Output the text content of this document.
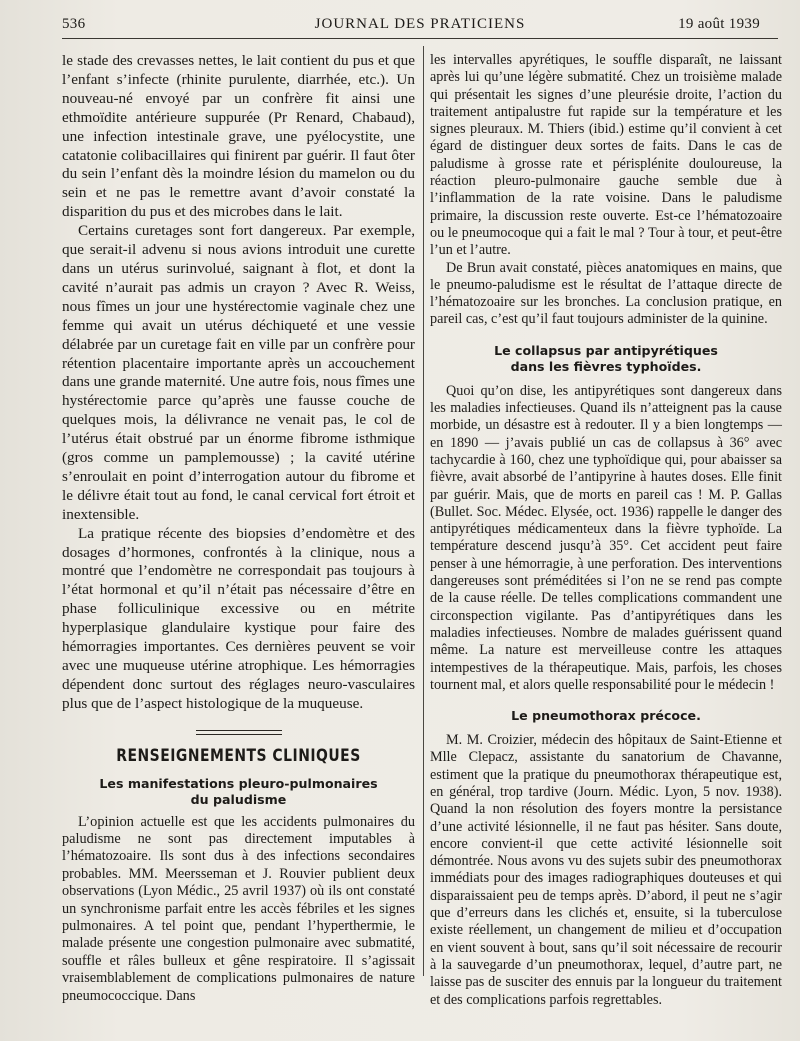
536	JOURNAL DES PRATICIENS	19 août 1939

le stade des crevasses nettes, le lait contient du pus et que l’enfant s’infecte (rhinite purulente, diarrhée, etc.). Un nouveau-né envoyé par un confrère fit ainsi une ethmoïdite antérieure suppurée (Pr Renard, Chabaud), une infection intestinale grave, une pyélocystite, une catatonie colibacillaires qui finirent par guérir. Il faut ôter du sein l’enfant dès la moindre lésion du mamelon ou du sein et ne pas le remettre avant d’avoir constaté la disparition du pus et des microbes dans le lait.

Certains curetages sont fort dangereux. Par exemple, que serait-il advenu si nous avions introduit une curette dans un utérus surinvolué, saignant à flot, et dont la cavité n’aurait pas admis un crayon ? Avec R. Weiss, nous fîmes un jour une hystérectomie vaginale chez une femme qui avait un utérus déchiqueté et une vessie délabrée par un curetage fait en ville par un confrère pour rétention placentaire importante après un accouchement dans une grande maternité. Une autre fois, nous fîmes une hystérectomie parce qu’après une fausse couche de quelques mois, la délivrance ne venait pas, le col de l’utérus était obstrué par un énorme fibrome isthmique (gros comme un pamplemousse) ; la cavité utérine s’enroulait en point d’interrogation autour du fibrome et le délivre était tout au fond, le canal cervical fort étroit et inextensible.

La pratique récente des biopsies d’endomètre et des dosages d’hormones, confrontés à la clinique, nous a montré que l’endomètre ne correspondait pas toujours à l’état hormonal et qu’il n’était pas nécessaire d’être en phase folliculinique excessive ou en métrite hyperplasique glandulaire kystique pour faire des hémorragies importantes. Ces dernières peuvent se voir avec une muqueuse utérine atrophique. Les hémorragies dépendent donc surtout des réglages neuro-vasculaires plus que de l’aspect histologique de la muqueuse.

RENSEIGNEMENTS CLINIQUES
Les manifestations pleuro-pulmonaires
du paludisme

L’opinion actuelle est que les accidents pulmonaires du paludisme ne sont pas directement imputables à l’hématozoaire. Ils sont dus à des infections secondaires probables. MM. Meersseman et J. Rouvier publient deux observations (Lyon Médic., 25 avril 1937) où ils ont constaté un synchronisme parfait entre les accès fébriles et les signes pulmonaires. A tel point que, pendant l’hyperthermie, le malade présente une congestion pulmonaire avec submatité, souffle et râles bulleux et gêne respiratoire. Il s’agissait vraisemblablement de complications pulmonaires de nature pneumococcique. Dans

les intervalles apyrétiques, le souffle disparaît, ne laissant après lui qu’une légère submatité. Chez un troisième malade qui présentait les signes d’une pleurésie droite, l’action du traitement antipalustre fut rapide sur la température et les signes pleuraux. M. Thiers (ibid.) estime qu’il convient à cet égard de distinguer deux sortes de faits. Dans le cas de paludisme à grosse rate et périsplénite douloureuse, la réaction pleuro-pulmonaire gauche semble due à l’inflammation de la rate voisine. Dans le paludisme primaire, la discussion reste ouverte. Est-ce l’hématozoaire ou le pneumocoque qui a fait le mal ? Tour à tour, et peut-être l’un et l’autre.

De Brun avait constaté, pièces anatomiques en mains, que le pneumo-paludisme est le résultat de l’attaque directe de l’hématozoaire sur les bronches. La conclusion pratique, en pareil cas, c’est qu’il faut toujours administer de la quinine.

Le collapsus par antipyrétiques
dans les fièvres typhoïdes.

Quoi qu’on dise, les antipyrétiques sont dangereux dans les maladies infectieuses. Quand ils n’atteignent pas la cause morbide, un désastre est à redouter. Il y a bien longtemps — en 1890 — j’avais publié un cas de collapsus à 36° avec tachycardie à 160, chez une typhoïdique qui, pour abaisser sa fièvre, avait absorbé de l’antipyrine à hautes doses. Elle finit par guérir. Mais, que de morts en pareil cas ! M. P. Gallas (Bullet. Soc. Médec. Elysée, oct. 1936) rappelle le danger des antipyrétiques médicamenteux dans la fièvre typhoïde. La température descend jusqu’à 35°. Cet accident peut faire penser à une hémorragie, à une perforation. Des interventions dangereuses sont préméditées si l’on ne se rend pas compte de la cause réelle. De telles complications commandent une circonspection vigilante. Pas d’antipyrétiques dans les maladies infectieuses. Nombre de malades guérissent quand même. La nature est merveilleuse contre les attaques intempestives de la thérapeutique. Mais, parfois, les choses tournent mal, et alors quelle responsabilité pour le médecin !

Le pneumothorax précoce.

M. M. Croizier, médecin des hôpitaux de Saint-Etienne et Mlle Clepacz, assistante du sanatorium de Chavanne, estiment que la pratique du pneumothorax thérapeutique est, en général, trop tardive (Journ. Médic. Lyon, 5 nov. 1938). Quand la non résolution des foyers montre la persistance d’une activité lésionnelle, il ne faut pas hésiter. Sans doute, encore convient-il que cette activité lésionnelle soit démontrée. Nous avons vu des sujets subir des pneumothorax immédiats pour des images radiographiques douteuses et qui disparaissaient peu de temps après. D’abord, il peut ne s’agir que d’erreurs dans les clichés et, ensuite, si la tuberculose existe réellement, un changement de milieu et d’occupation en vient souvent à bout, sans qu’il soit nécessaire de recourir à la sauvegarde d’un pneumothorax, lequel, d’autre part, ne laisse pas de susciter des ennuis par la longueur du traitement et des complications parfois regrettables.
